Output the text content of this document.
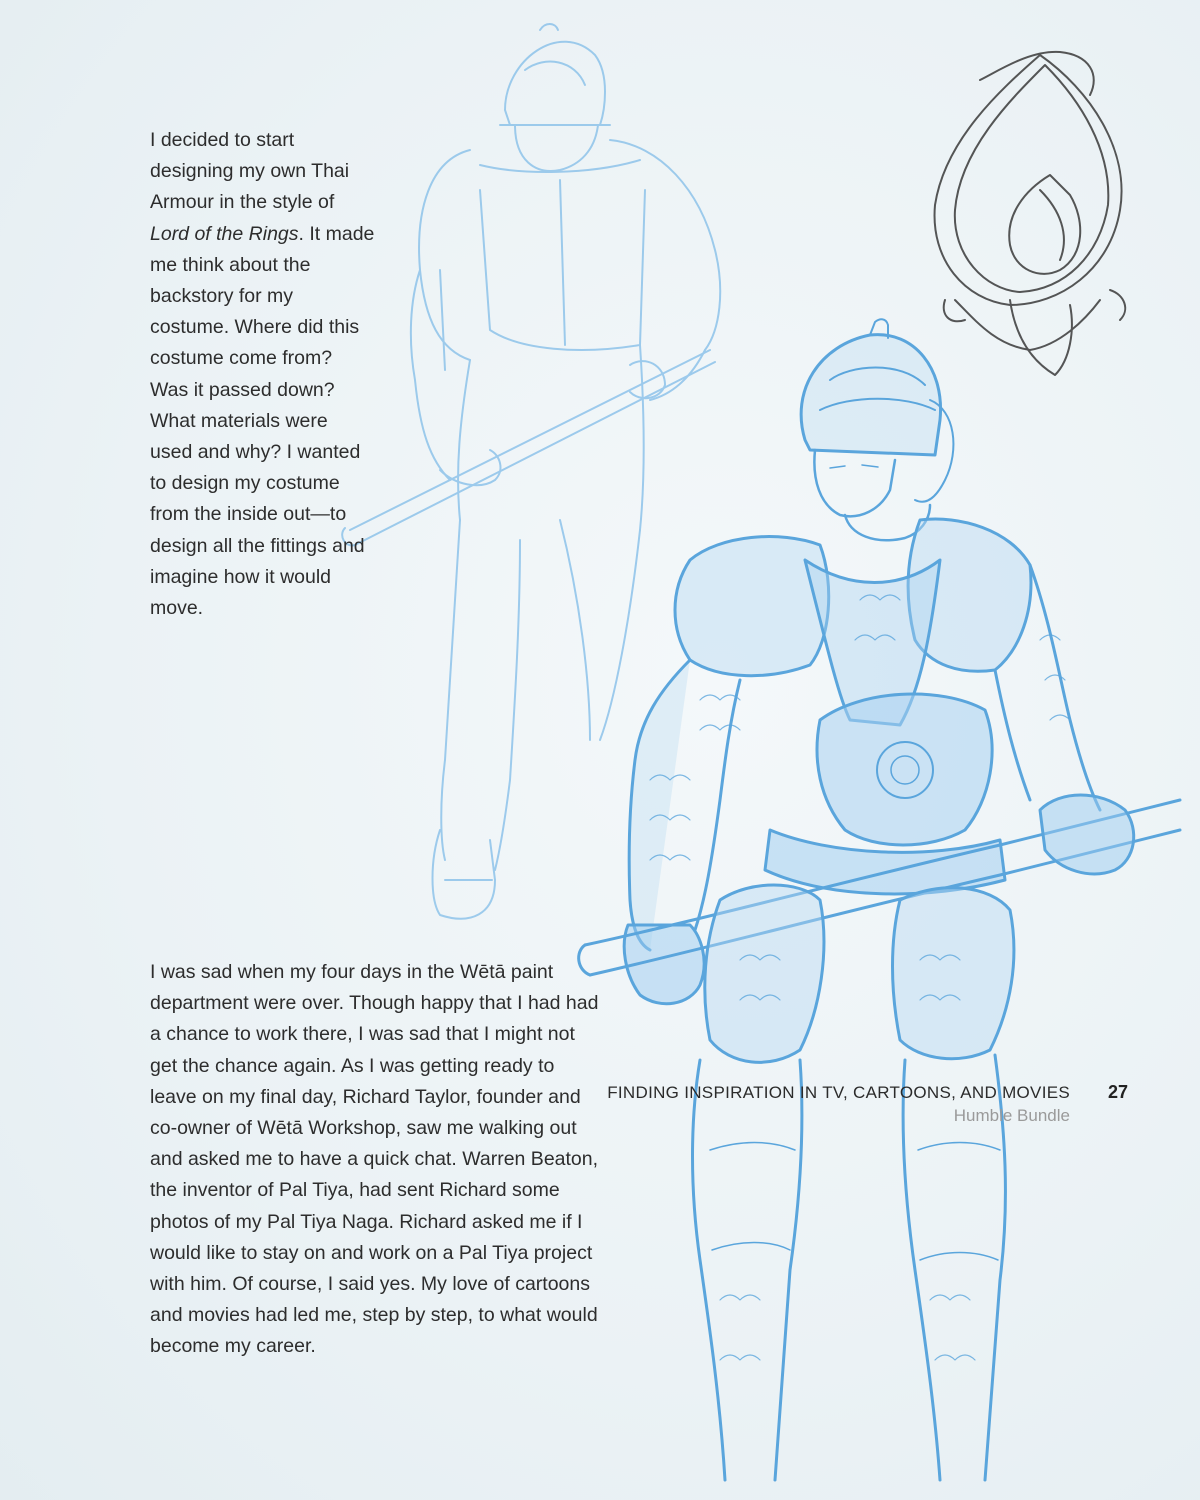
I decided to start designing my own Thai Armour in the style of Lord of the Rings. It made me think about the backstory for my costume. Where did this costume come from? Was it passed down? What materials were used and why? I wanted to design my costume from the inside out—to design all the fittings and imagine how it would move.

I was sad when my four days in the Wētā paint department were over. Though happy that I had had a chance to work there, I was sad that I might not get the chance again. As I was getting ready to leave on my final day, Richard Taylor, founder and co-owner of Wētā Workshop, saw me walking out and asked me to have a quick chat. Warren Beaton, the inventor of Pal Tiya, had sent Richard some photos of my Pal Tiya Naga. Richard asked me if I would like to stay on and work on a Pal Tiya project with him. Of course, I said yes. My love of cartoons and movies had led me, step by step, to what would become my career.

FINDING INSPIRATION IN TV, CARTOONS, AND MOVIES 27
Humble Bundle
